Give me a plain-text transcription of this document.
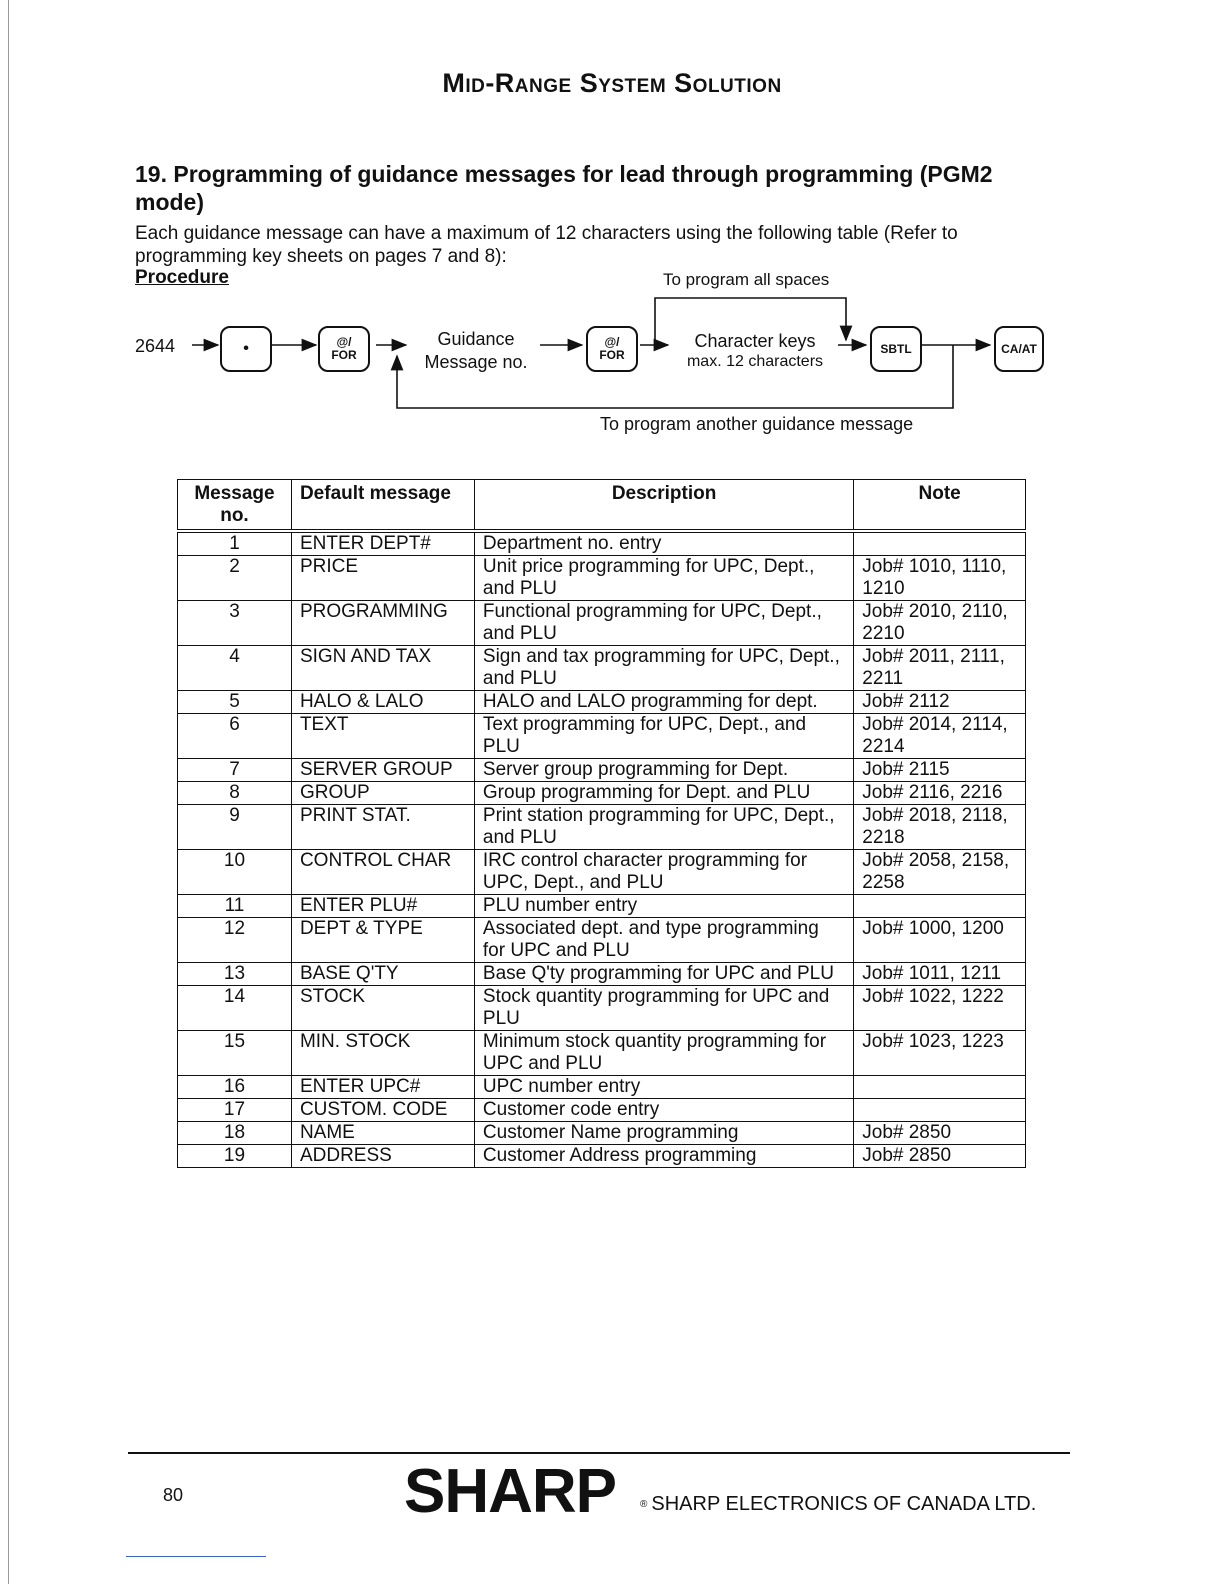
Mid-Range System Solution
19. Programming of guidance messages for lead through programming (PGM2 mode)
Each guidance message can have a maximum of 12 characters using the following table (Refer to programming key sheets on pages 7 and 8):
Procedure
2644	•	@/
FOR
Guidance
Message no.
@/
FOR
Character keys
max. 12 characters
SBTL	CA/AT
To program all spaces
To program another guidance message
Message no.	Default message	Description	Note
1	ENTER DEPT#	Department no. entry	
2	PRICE	Unit price programming for UPC, Dept., and PLU	Job# 1010, 1110, 1210
3	PROGRAMMING	Functional programming for UPC, Dept., and PLU	Job# 2010, 2110, 2210
4	SIGN AND TAX	Sign and tax programming for UPC, Dept., and PLU	Job# 2011, 2111, 2211
5	HALO & LALO	HALO and LALO programming for dept.	Job# 2112
6	TEXT	Text programming for UPC, Dept., and PLU	Job# 2014, 2114, 2214
7	SERVER GROUP	Server group programming for Dept.	Job# 2115
8	GROUP	Group programming for Dept. and PLU	Job# 2116, 2216
9	PRINT STAT.	Print station programming for UPC, Dept., and PLU	Job# 2018, 2118, 2218
10	CONTROL CHAR	IRC control character programming for UPC, Dept., and PLU	Job# 2058, 2158, 2258
11	ENTER PLU#	PLU number entry	
12	DEPT & TYPE	Associated dept. and type programming for UPC and PLU	Job# 1000, 1200
13	BASE Q'TY	Base Q'ty programming for UPC and PLU	Job# 1011, 1211
14	STOCK	Stock quantity programming for UPC and PLU	Job# 1022, 1222
15	MIN. STOCK	Minimum stock quantity programming for UPC and PLU	Job# 1023, 1223
16	ENTER UPC#	UPC number entry	
17	CUSTOM. CODE	Customer code entry	
18	NAME	Customer Name programming	Job# 2850
19	ADDRESS	Customer Address programming	Job# 2850
80	SHARP ® SHARP ELECTRONICS OF CANADA LTD.
